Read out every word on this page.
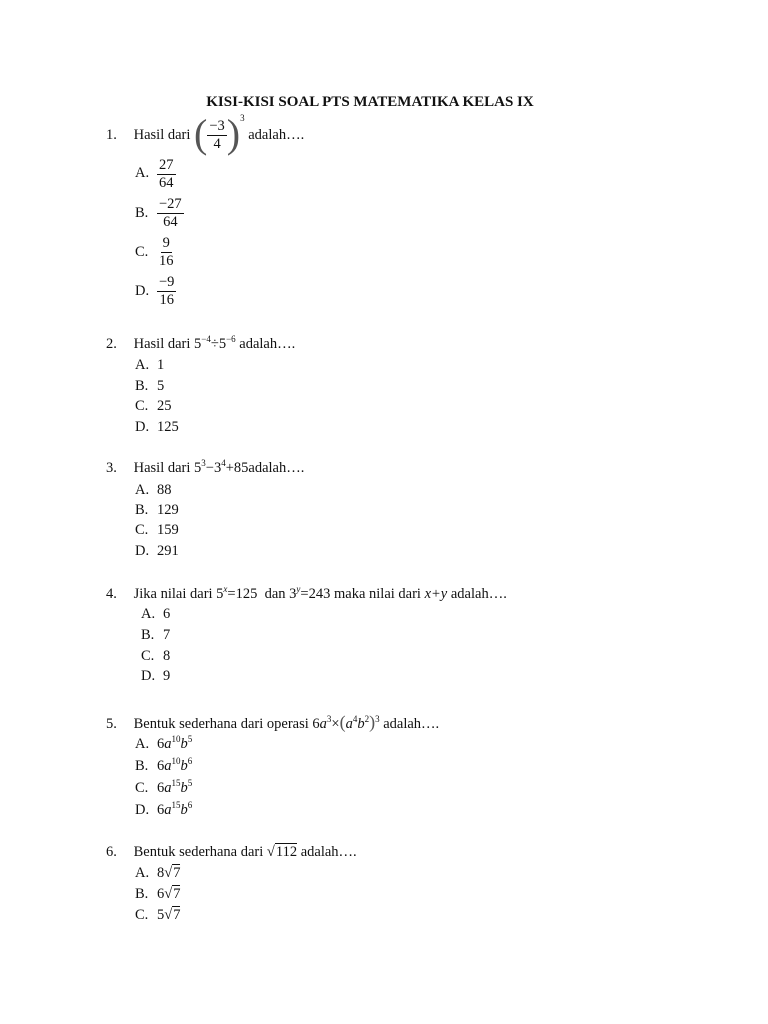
KISI-KISI SOAL PTS MATEMATIKA KELAS IX
1. Hasil dari ( $\frac{-3}{4} )^3$ adalah….
A. $\frac{27}{64}$
B. $\frac{-27}{64}$
C. $\frac{9}{16}$
D. $\frac{-9}{16}$
2. Hasil dari $5^{-4}\div 5^{-6}$ adalah….
A. 1
B. 5
C. 25
D. 125
3. Hasil dari $5^3-3^4+85adalah\dots$.
A. 88
B. 129
C. 159
D. 291
4. Jika nilai dari $5^x=125$ dan $3^y=243$ maka nilai dari x+y adalah….
A. 6
B. 7
C. 8
D. 9
5. Bentuk sederhana dari operasi $6a^3\times(a^4b^2)^3$ adalah….
A. $6a^{10}b^5$
B. $6a^{10}b^6$
C. $6a^{15}b^5$
D. $6a^{15}b^6$
6. Bentuk sederhana dari √112 adalah….
A. 8√7
B. 6√7
C. 5√7
